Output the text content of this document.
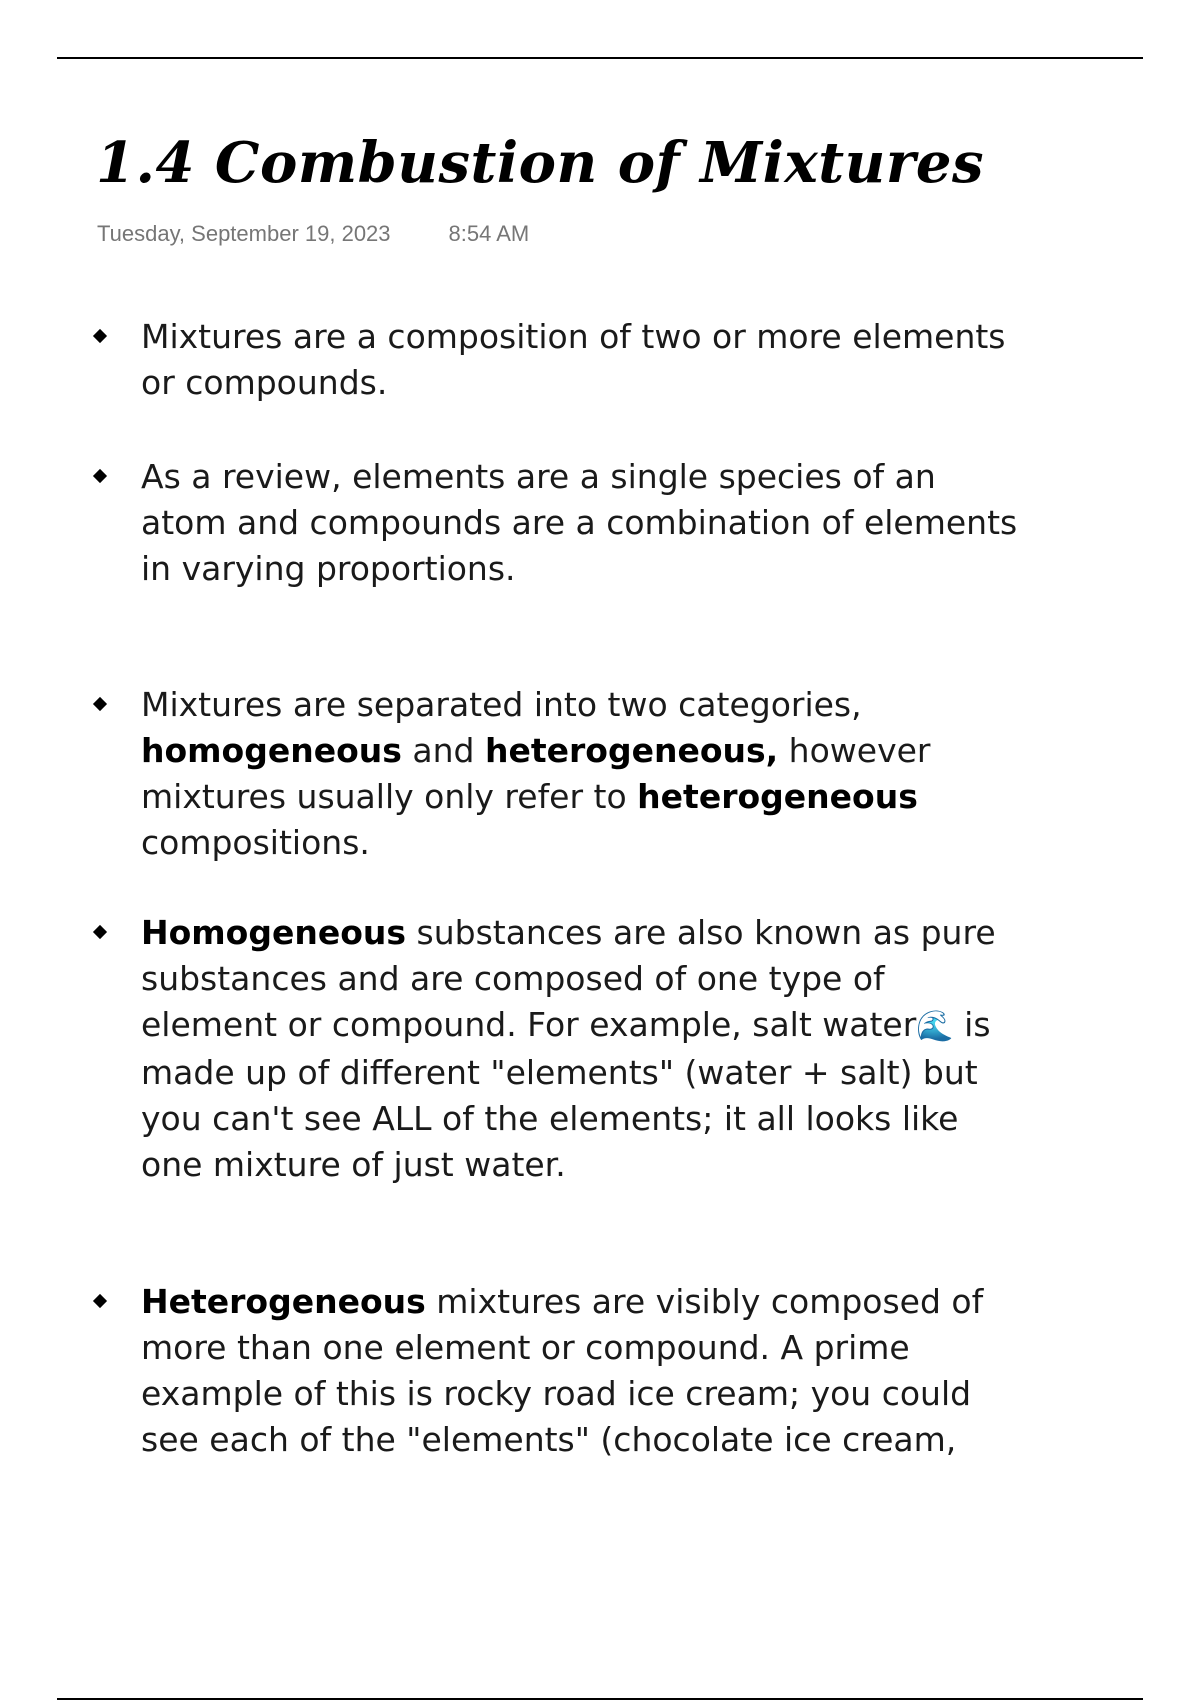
1.4 Combustion of Mixtures
Tuesday, September 19, 2023	8:54 AM
Mixtures are a composition of two or more elements or compounds.
As a review, elements are a single species of an atom and compounds are a combination of elements in varying proportions.
Mixtures are separated into two categories, homogeneous and heterogeneous, however mixtures usually only refer to heterogeneous compositions.
Homogeneous substances are also known as pure substances and are composed of one type of element or compound. For example, salt water🌊 is made up of different "elements" (water + salt) but you can't see ALL of the elements; it all looks like one mixture of just water.
Heterogeneous mixtures are visibly composed of more than one element or compound. A prime example of this is rocky road ice cream; you could see each of the "elements" (chocolate ice cream,
